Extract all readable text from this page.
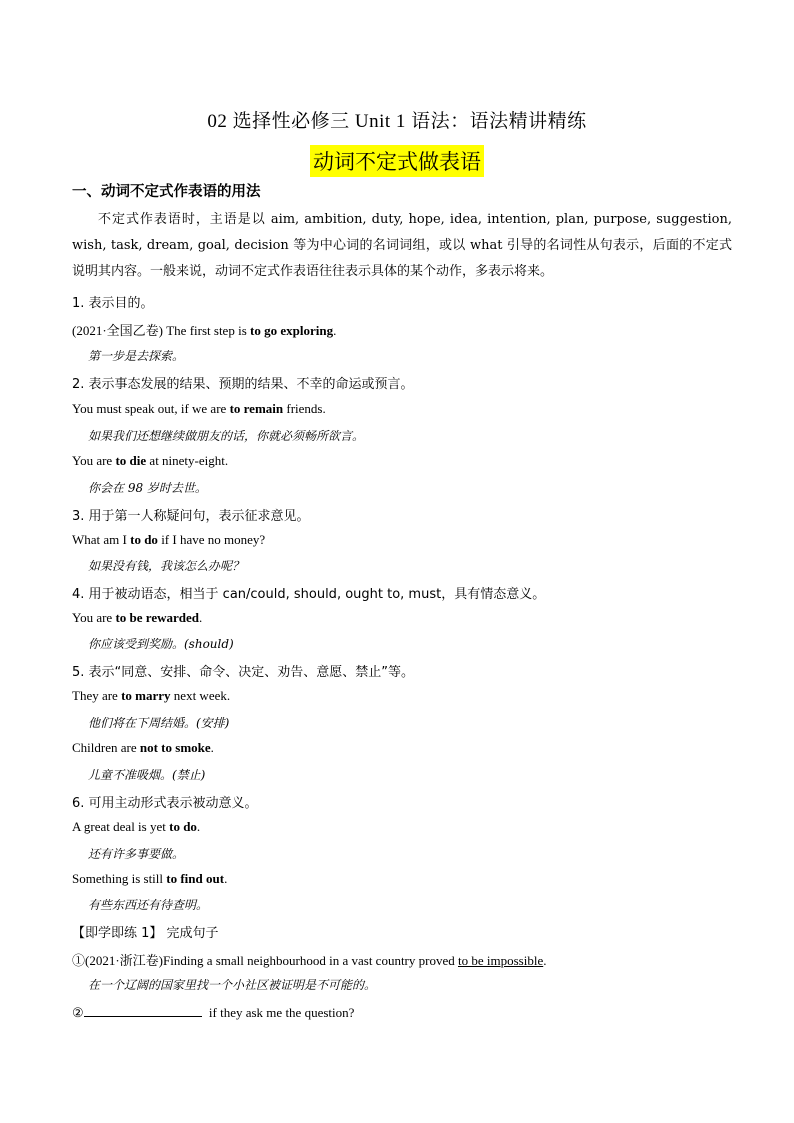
02 选择性必修三 Unit 1 语法：语法精讲精练
动词不定式做表语
一、动词不定式作表语的用法
不定式作表语时，主语是以 aim, ambition, duty, hope, idea, intention, plan, purpose, suggestion, wish, task, dream, goal, decision 等为中心词的名词词组，或以 what 引导的名词性从句表示，后面的不定式说明其内容。一般来说，动词不定式作表语往往表示具体的某个动作，多表示将来。
1. 表示目的。
(2021·全国乙卷) The first step is to go exploring.
第一步是去探索。
2. 表示事态发展的结果、预期的结果、不幸的命运或预言。
You must speak out, if we are to remain friends.
如果我们还想继续做朋友的话，你就必须畅所欲言。
You are to die at ninety-eight.
你会在 98 岁时去世。
3. 用于第一人称疑问句，表示征求意见。
What am I to do if I have no money?
如果没有钱，我该怎么办呢？
4. 用于被动语态，相当于 can/could, should, ought to, must，具有情态意义。
You are to be rewarded.
你应该受到奖励。(should)
5. 表示“同意、安排、命令、决定、劝告、意愿、禁止”等。
They are to marry next week.
他们将在下周结婚。(安排)
Children are not to smoke.
儿童不准吸烟。(禁止)
6. 可用主动形式表示被动意义。
A great deal is yet to do.
还有许多事要做。
Something is still to find out.
有些东西还有待查明。
【即学即练 1】 完成句子
①(2021·浙江卷)Finding a small neighbourhood in a vast country proved to be impossible.
在一个辽阔的国家里找一个小社区被证明是不可能的。
②	if they ask me the question?
